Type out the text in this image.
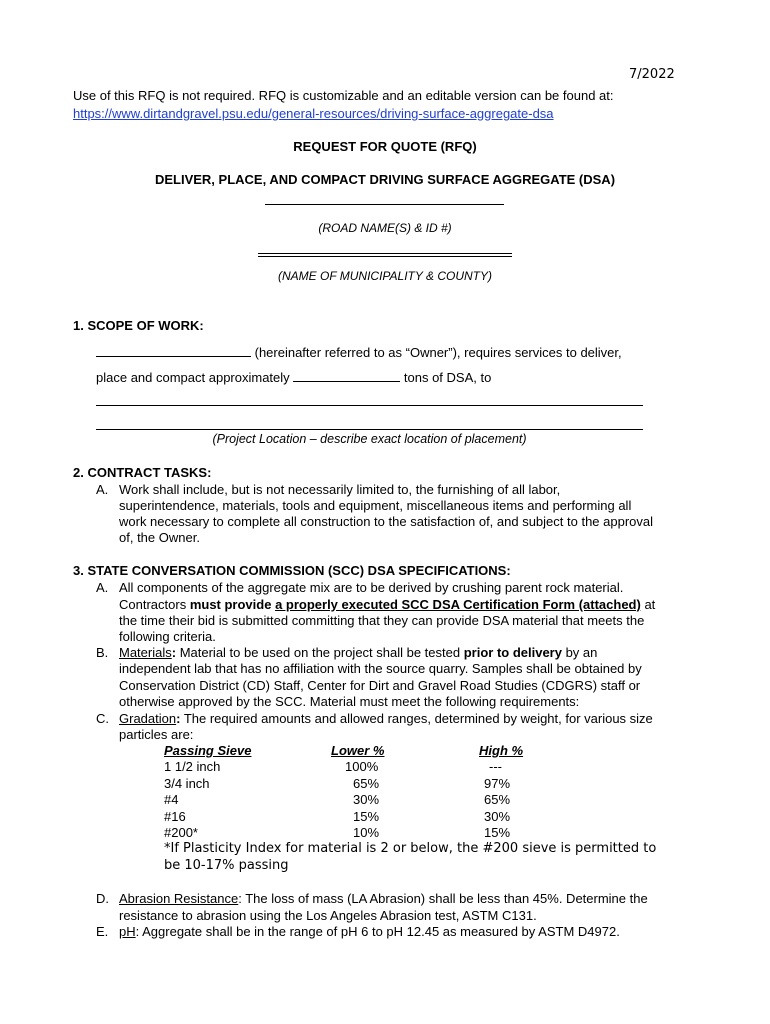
7/2022
Use of this RFQ is not required. RFQ is customizable and an editable version can be found at:
https://www.dirtandgravel.psu.edu/general-resources/driving-surface-aggregate-dsa
REQUEST FOR QUOTE (RFQ)
DELIVER, PLACE, AND COMPACT DRIVING SURFACE AGGREGATE (DSA)
(ROAD NAME(S) & ID #)
(NAME OF MUNICIPALITY & COUNTY)
1. SCOPE OF WORK:
(hereinafter referred to as “Owner”), requires services to deliver,
place and compact approximately	tons of DSA, to
(Project Location – describe exact location of placement)
2. CONTRACT TASKS:
A. Work shall include, but is not necessarily limited to, the furnishing of all labor,
superintendence, materials, tools and equipment, miscellaneous items and performing all
work necessary to complete all construction to the satisfaction of, and subject to the approval
of, the Owner.
3. STATE CONVERSATION COMMISSION (SCC) DSA SPECIFICATIONS:
A. All components of the aggregate mix are to be derived by crushing parent rock material.
Contractors must provide a properly executed SCC DSA Certification Form (attached) at
the time their bid is submitted committing that they can provide DSA material that meets the
following criteria.
B. Materials: Material to be used on the project shall be tested prior to delivery by an
independent lab that has no affiliation with the source quarry. Samples shall be obtained by
Conservation District (CD) Staff, Center for Dirt and Gravel Road Studies (CDGRS) staff or
otherwise approved by the SCC. Material must meet the following requirements:
C. Gradation: The required amounts and allowed ranges, determined by weight, for various size
particles are:
Passing Sieve	Lower %	High %
1 1/2 inch	100%	---
3/4 inch	65%	97%
#4	30%	65%
#16	15%	30%
#200*	10%	15%
*If Plasticity Index for material is 2 or below, the #200 sieve is permitted to
be 10-17% passing
D. Abrasion Resistance: The loss of mass (LA Abrasion) shall be less than 45%. Determine the
resistance to abrasion using the Los Angeles Abrasion test, ASTM C131.
E. pH: Aggregate shall be in the range of pH 6 to pH 12.45 as measured by ASTM D4972.
